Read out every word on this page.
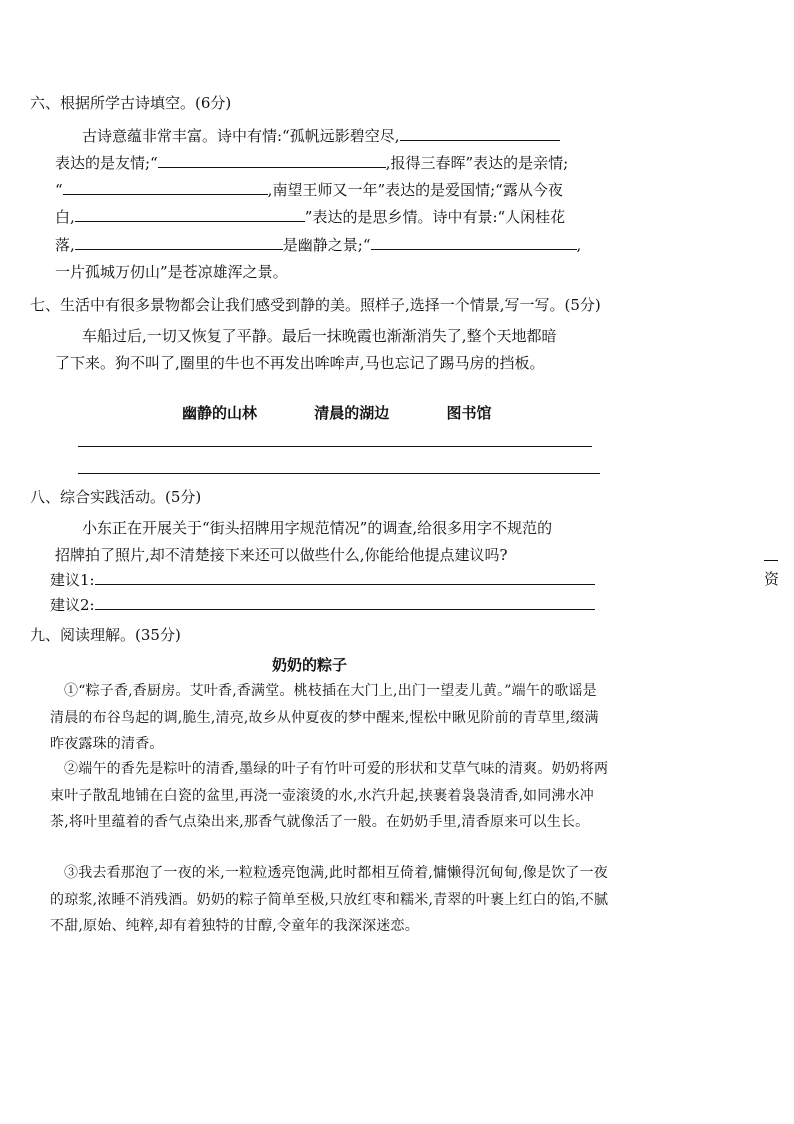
六、根据所学古诗填空。(6分)
古诗意蕴非常丰富。诗中有情:“孤帆远影碧空尽,
表达的是友情;“	,报得三春晖”表达的是亲情;
“	,南望王师又一年”表达的是爱国情;“露从今夜
白,	”表达的是思乡情。诗中有景:“人闲桂花
落,	是幽静之景;“	,
一片孤城万仞山”是苍凉雄浑之景。
七、生活中有很多景物都会让我们感受到静的美。照样子,选择一个情景,写一写。(5分)
车船过后,一切又恢复了平静。最后一抹晚霞也渐渐消失了,整个天地都暗
了下来。狗不叫了,圈里的牛也不再发出哞哞声,马也忘记了踢马房的挡板。
幽静的山林	清晨的湖边	图书馆
八、综合实践活动。(5分)
小东正在开展关于“街头招牌用字规范情况”的调查,给很多用字不规范的
招牌拍了照片,却不清楚接下来还可以做些什么,你能给他提点建议吗?
建议1:
建议2:
资
九、阅读理解。(35分)
奶奶的粽子
①“粽子香,香厨房。艾叶香,香满堂。桃枝插在大门上,出门一望麦儿黄。”端午的歌谣是清晨的布谷鸟起的调,脆生,清亮,故乡从仲夏夜的梦中醒来,惺松中瞅见阶前的青草里,缀满昨夜露珠的清香。
②端午的香先是粽叶的清香,墨绿的叶子有竹叶可爱的形状和艾草气味的清爽。奶奶将两束叶子散乱地铺在白瓷的盆里,再浇一壶滚烫的水,水汽升起,挟裹着袅袅清香,如同沸水冲茶,将叶里蕴着的香气点染出来,那香气就像活了一般。在奶奶手里,清香原来可以生长。
③我去看那泡了一夜的米,一粒粒透亮饱满,此时都相互倚着,慵懒得沉甸甸,像是饮了一夜的琼浆,浓睡不消残酒。奶奶的粽子简单至极,只放红枣和糯米,青翠的叶裹上红白的馅,不腻不甜,原始、纯粹,却有着独特的甘醇,令童年的我深深迷恋。
